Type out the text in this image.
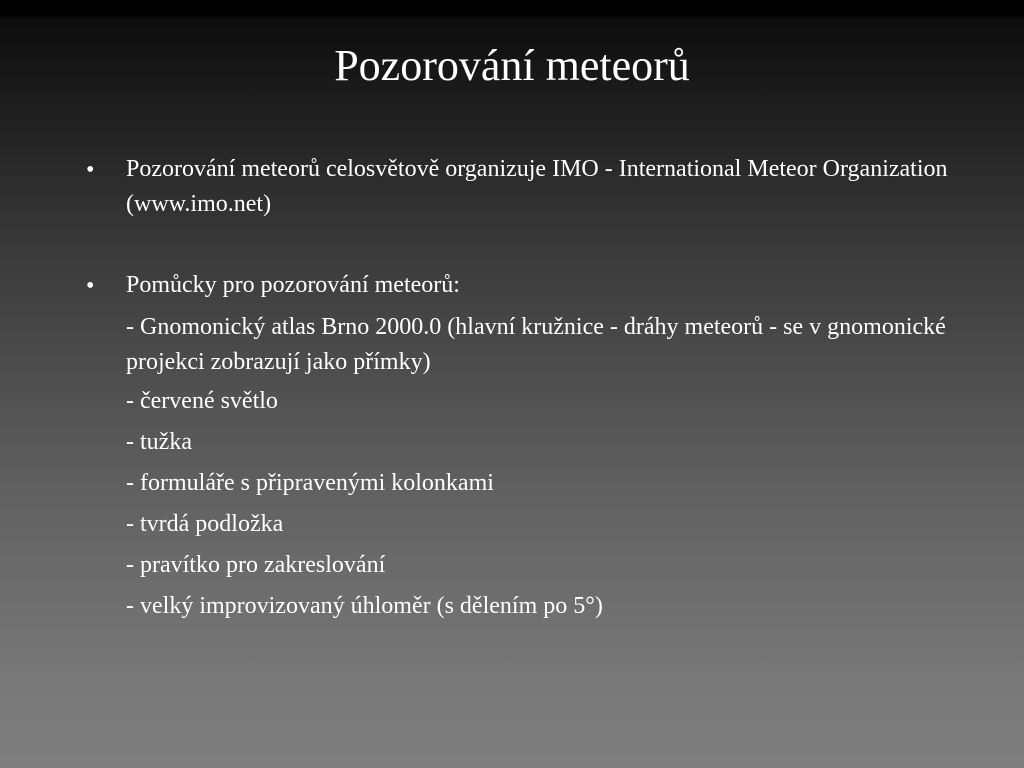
Pozorování meteorů
• Pozorování meteorů celosvětově organizuje IMO - International Meteor Organization (www.imo.net)
• Pomůcky pro pozorování meteorů:
- Gnomonický atlas Brno 2000.0 (hlavní kružnice - dráhy meteorů - se v gnomonické projekci zobrazují jako přímky)
- červené světlo
- tužka
- formuláře s připravenými kolonkami
- tvrdá podložka
- pravítko pro zakreslování
- velký improvizovaný úhloměr (s dělením po 5°)
